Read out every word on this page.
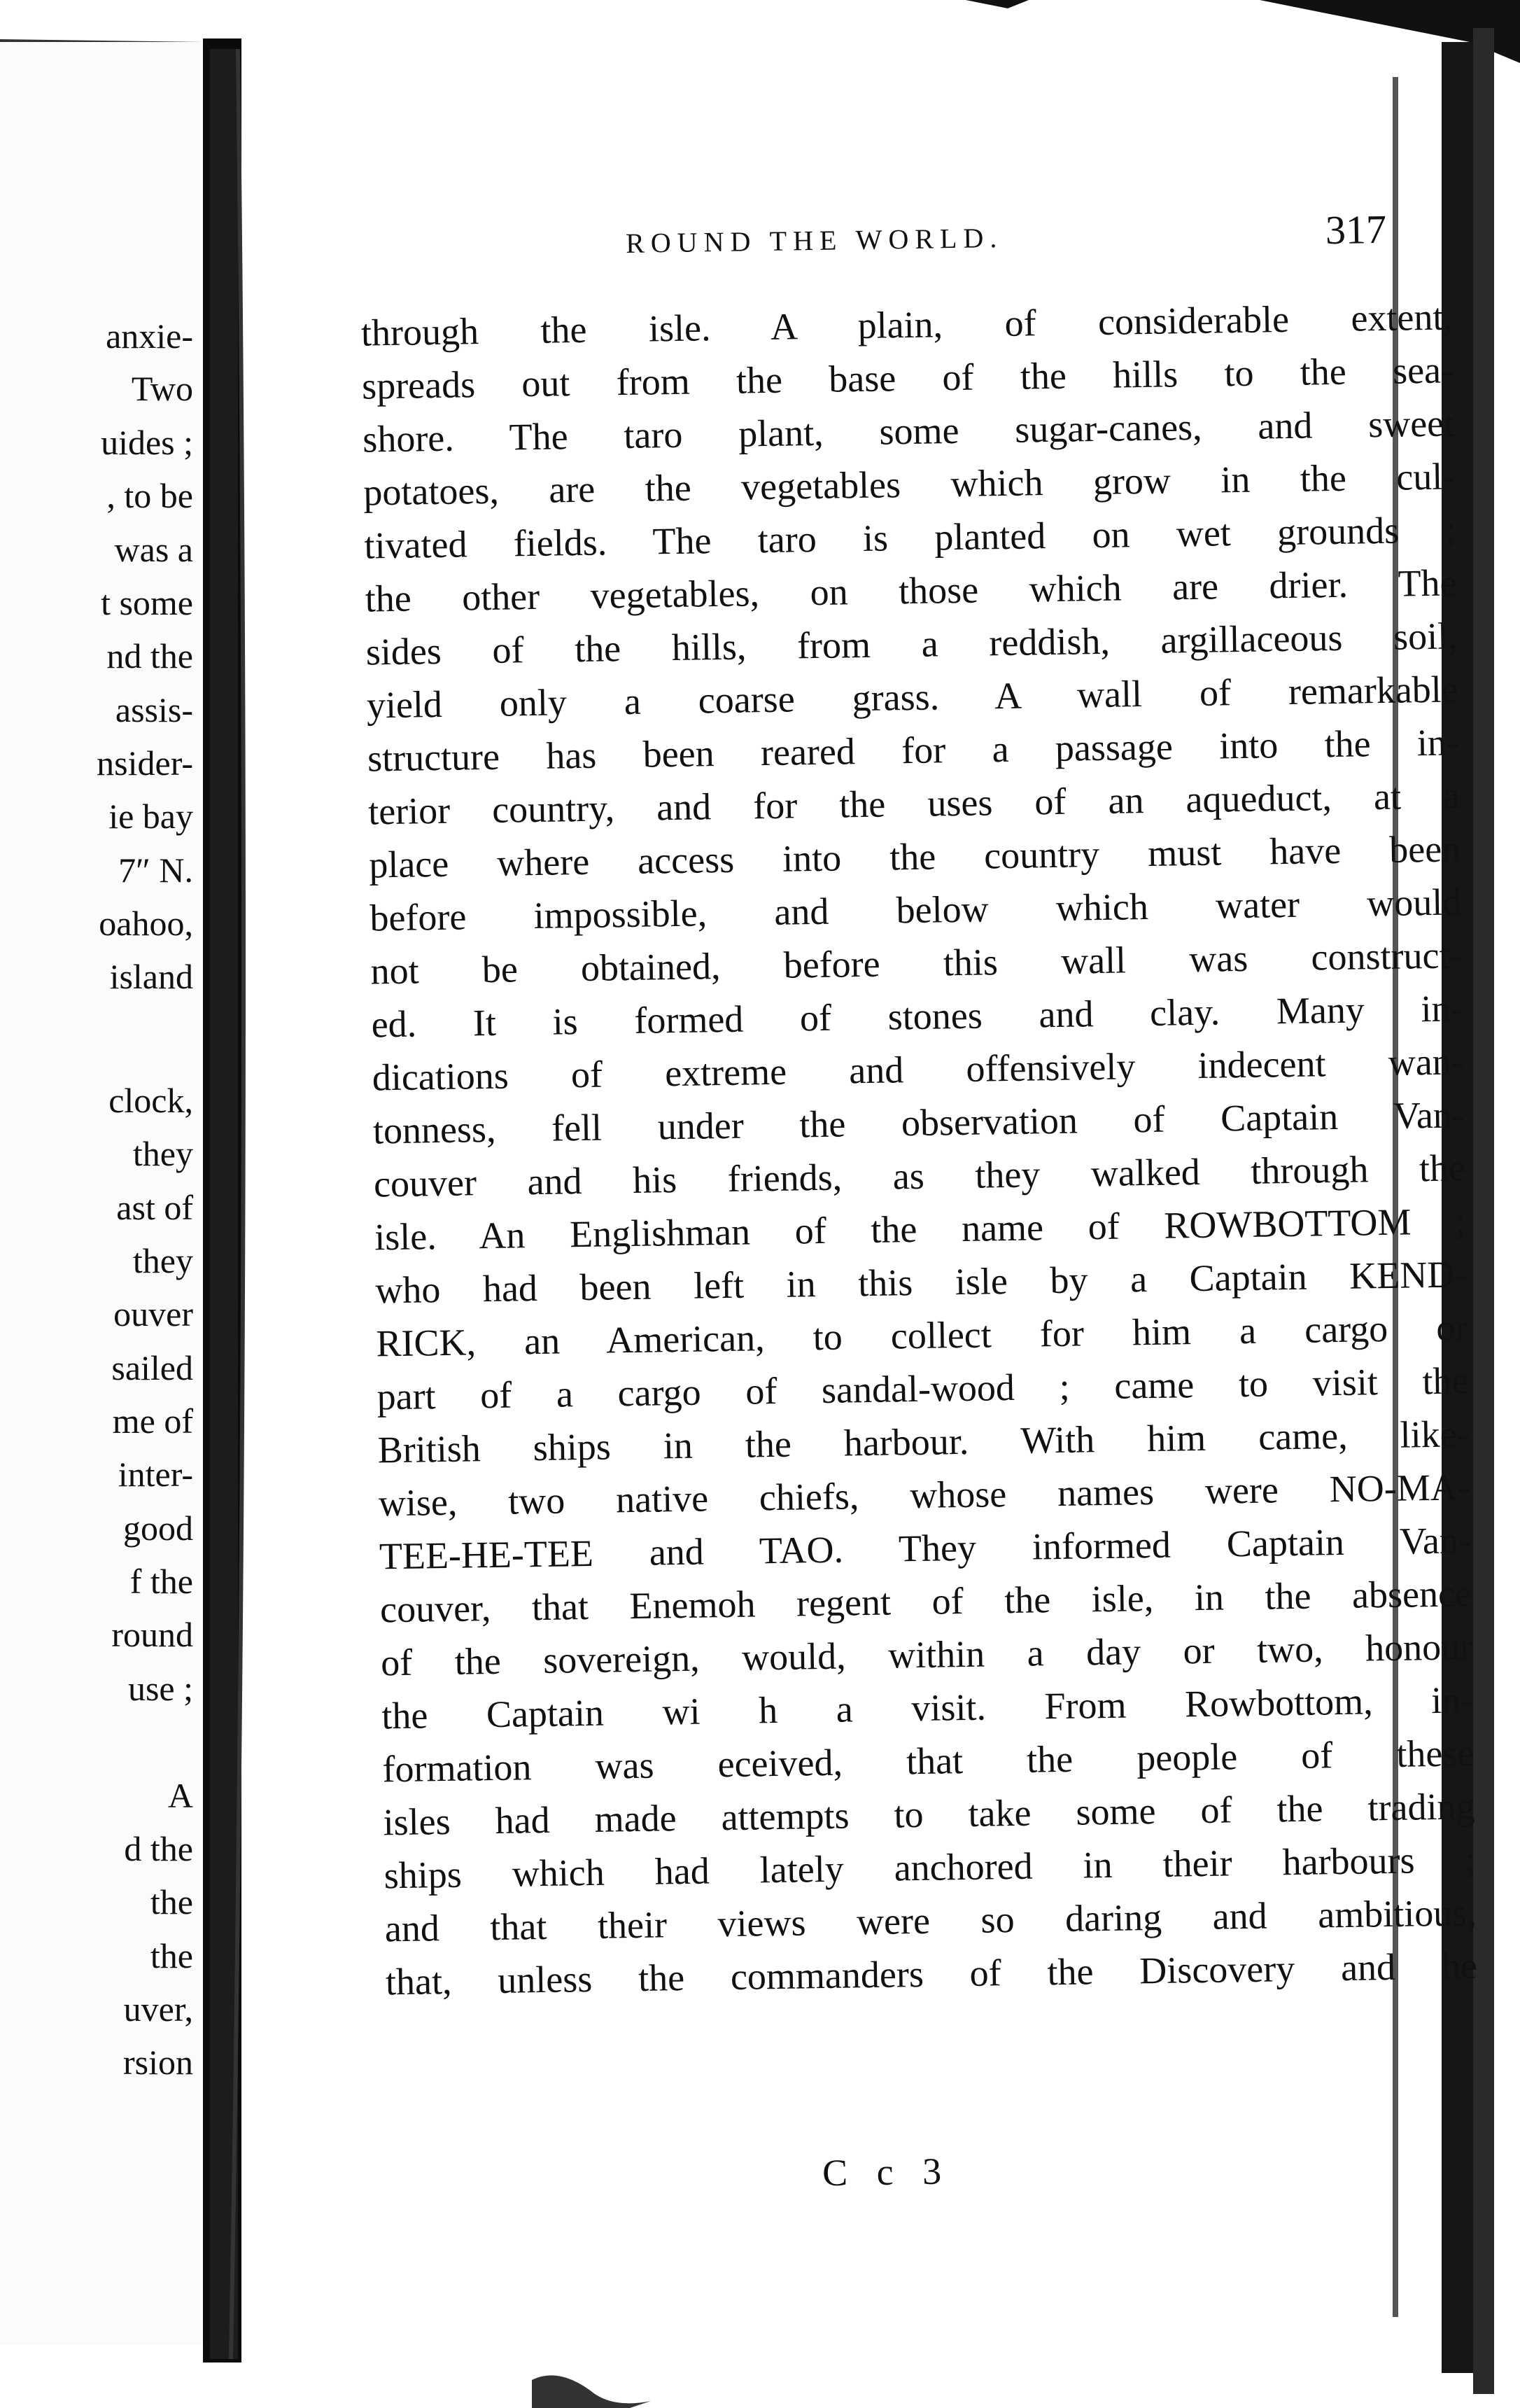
anxie-
Two
uides ;
, to be
was a
t some
nd the
assis-
nsider-
ie bay
7″ N.
oahoo,
island
clock,
they
ast of
they
ouver
sailed
me of
inter-
good
f the
round
use ;
A
d the
the
the
uver,
rsion
ROUND THE WORLD.	317
through the isle. A plain, of considerable extent,
spreads out from the base of the hills to the sea-
shore. The taro plant, some sugar-canes, and sweet
potatoes, are the vegetables which grow in the cul-
tivated fields. The taro is planted on wet grounds ;
the other vegetables, on those which are drier. The
sides of the hills, from a reddish, argillaceous soil,
yield only a coarse grass. A wall of remarkable
structure has been reared for a passage into the in-
terior country, and for the uses of an aqueduct, at a
place where access into the country must have been
before impossible, and below which water would
not be obtained, before this wall was construct-
ed. It is formed of stones and clay. Many in-
dications of extreme and offensively indecent wan-
tonness, fell under the observation of Captain Van-
couver and his friends, as they walked through the
isle. An Englishman of the name of ROWBOTTOM ;
who had been left in this isle by a Captain KEND-
RICK, an American, to collect for him a cargo or
part of a cargo of sandal-wood ; came to visit the
British ships in the harbour. With him came, like-
wise, two native chiefs, whose names were NO-MA-
TEE-HE-TEE and TAO. They informed Captain Van-
couver, that Enemoh regent of the isle, in the absence
of the sovereign, would, within a day or two, honour
the Captain wi h a visit. From Rowbottom, in-
formation was eceived, that the people of these
isles had made attempts to take some of the trading
ships which had lately anchored in their harbours ;
and that their views were so daring and ambitious,
that, unless the commanders of the Discovery and he
C c 3
